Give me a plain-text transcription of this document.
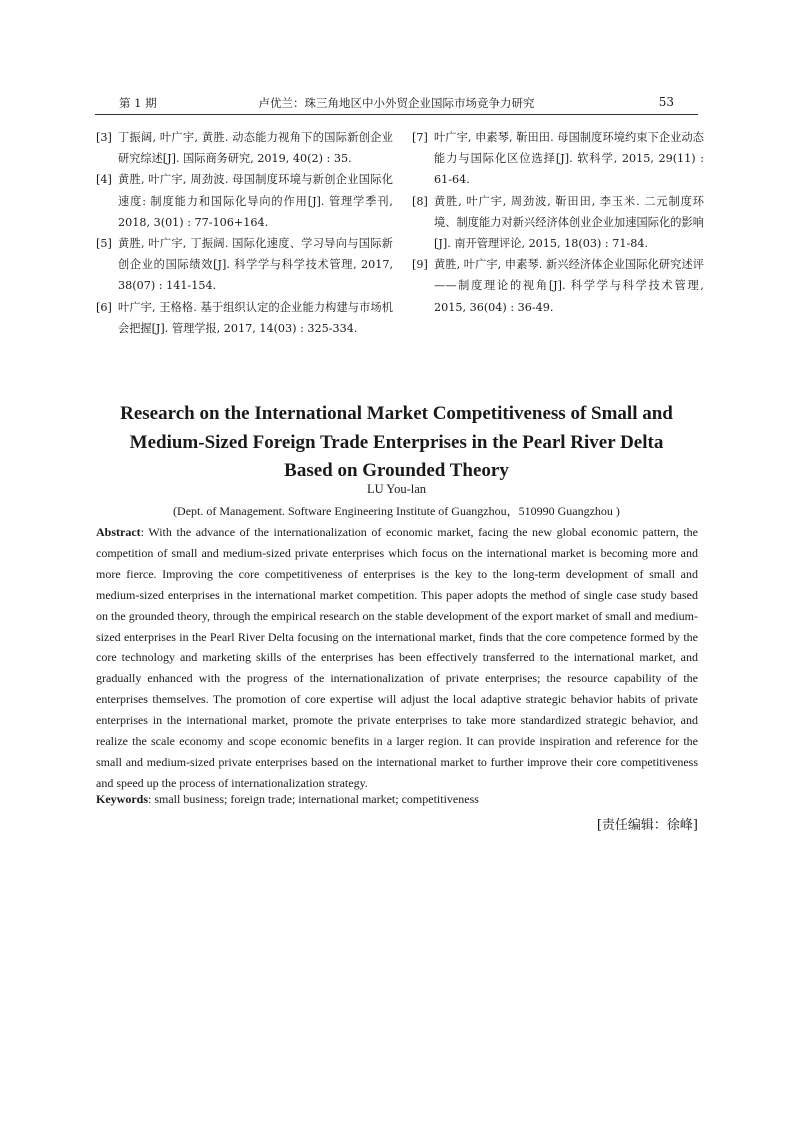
第 1 期	卢优兰：珠三角地区中小外贸企业国际市场竞争力研究	53

[3] 丁振阔, 叶广宇, 黄胜. 动态能力视角下的国际新创企业研究综述[J]. 国际商务研究, 2019, 40(2) : 35.

[4] 黄胜, 叶广宇, 周劲波. 母国制度环境与新创企业国际化速度: 制度能力和国际化导向的作用[J]. 管理学季刊, 2018, 3(01) : 77-106+164.

[5] 黄胜, 叶广宇, 丁振阔. 国际化速度、学习导向与国际新创企业的国际绩效[J]. 科学学与科学技术管理, 2017, 38(07) : 141-154.

[6] 叶广宇, 王格格. 基于组织认定的企业能力构建与市场机会把握[J]. 管理学报, 2017, 14(03) : 325-334.

[7] 叶广宇, 申素琴, 靳田田. 母国制度环境约束下企业动态能力与国际化区位选择[J]. 软科学, 2015, 29(11) : 61-64.

[8] 黄胜, 叶广宇, 周劲波, 靳田田, 李玉米. 二元制度环境、制度能力对新兴经济体创业企业加速国际化的影响[J]. 南开管理评论, 2015, 18(03) : 71-84.

[9] 黄胜, 叶广宇, 申素琴. 新兴经济体企业国际化研究述评——制度理论的视角[J]. 科学学与科学技术管理, 2015, 36(04) : 36-49.

Research on the International Market Competitiveness of Small and
Medium-Sized Foreign Trade Enterprises in the Pearl River Delta
Based on Grounded Theory
LU You-lan
(Dept. of Management. Software Engineering Institute of Guangzhou，510990 Guangzhou )

Abstract: With the advance of the internationalization of economic market, facing the new global economic pattern, the competition of small and medium-sized private enterprises which focus on the international market is becoming more and more fierce. Improving the core competitiveness of enterprises is the key to the long-term development of small and medium-sized enterprises in the international market competition. This paper adopts the method of single case study based on the grounded theory, through the empirical research on the stable development of the export market of small and medium-sized enterprises in the Pearl River Delta focusing on the international market, finds that the core competence formed by the core technology and marketing skills of the enterprises has been effectively transferred to the international market, and gradually enhanced with the progress of the internationalization of private enterprises; the resource capability of the enterprises themselves. The promotion of core expertise will adjust the local adaptive strategic behavior habits of private enterprises in the international market, promote the private enterprises to take more standardized strategic behavior, and realize the scale economy and scope economic benefits in a larger region. It can provide inspiration and reference for the small and medium-sized private enterprises based on the international market to further improve their core competitiveness and speed up the process of internationalization strategy.

Keywords: small business; foreign trade; international market; competitiveness

[责任编辑：徐峰]
